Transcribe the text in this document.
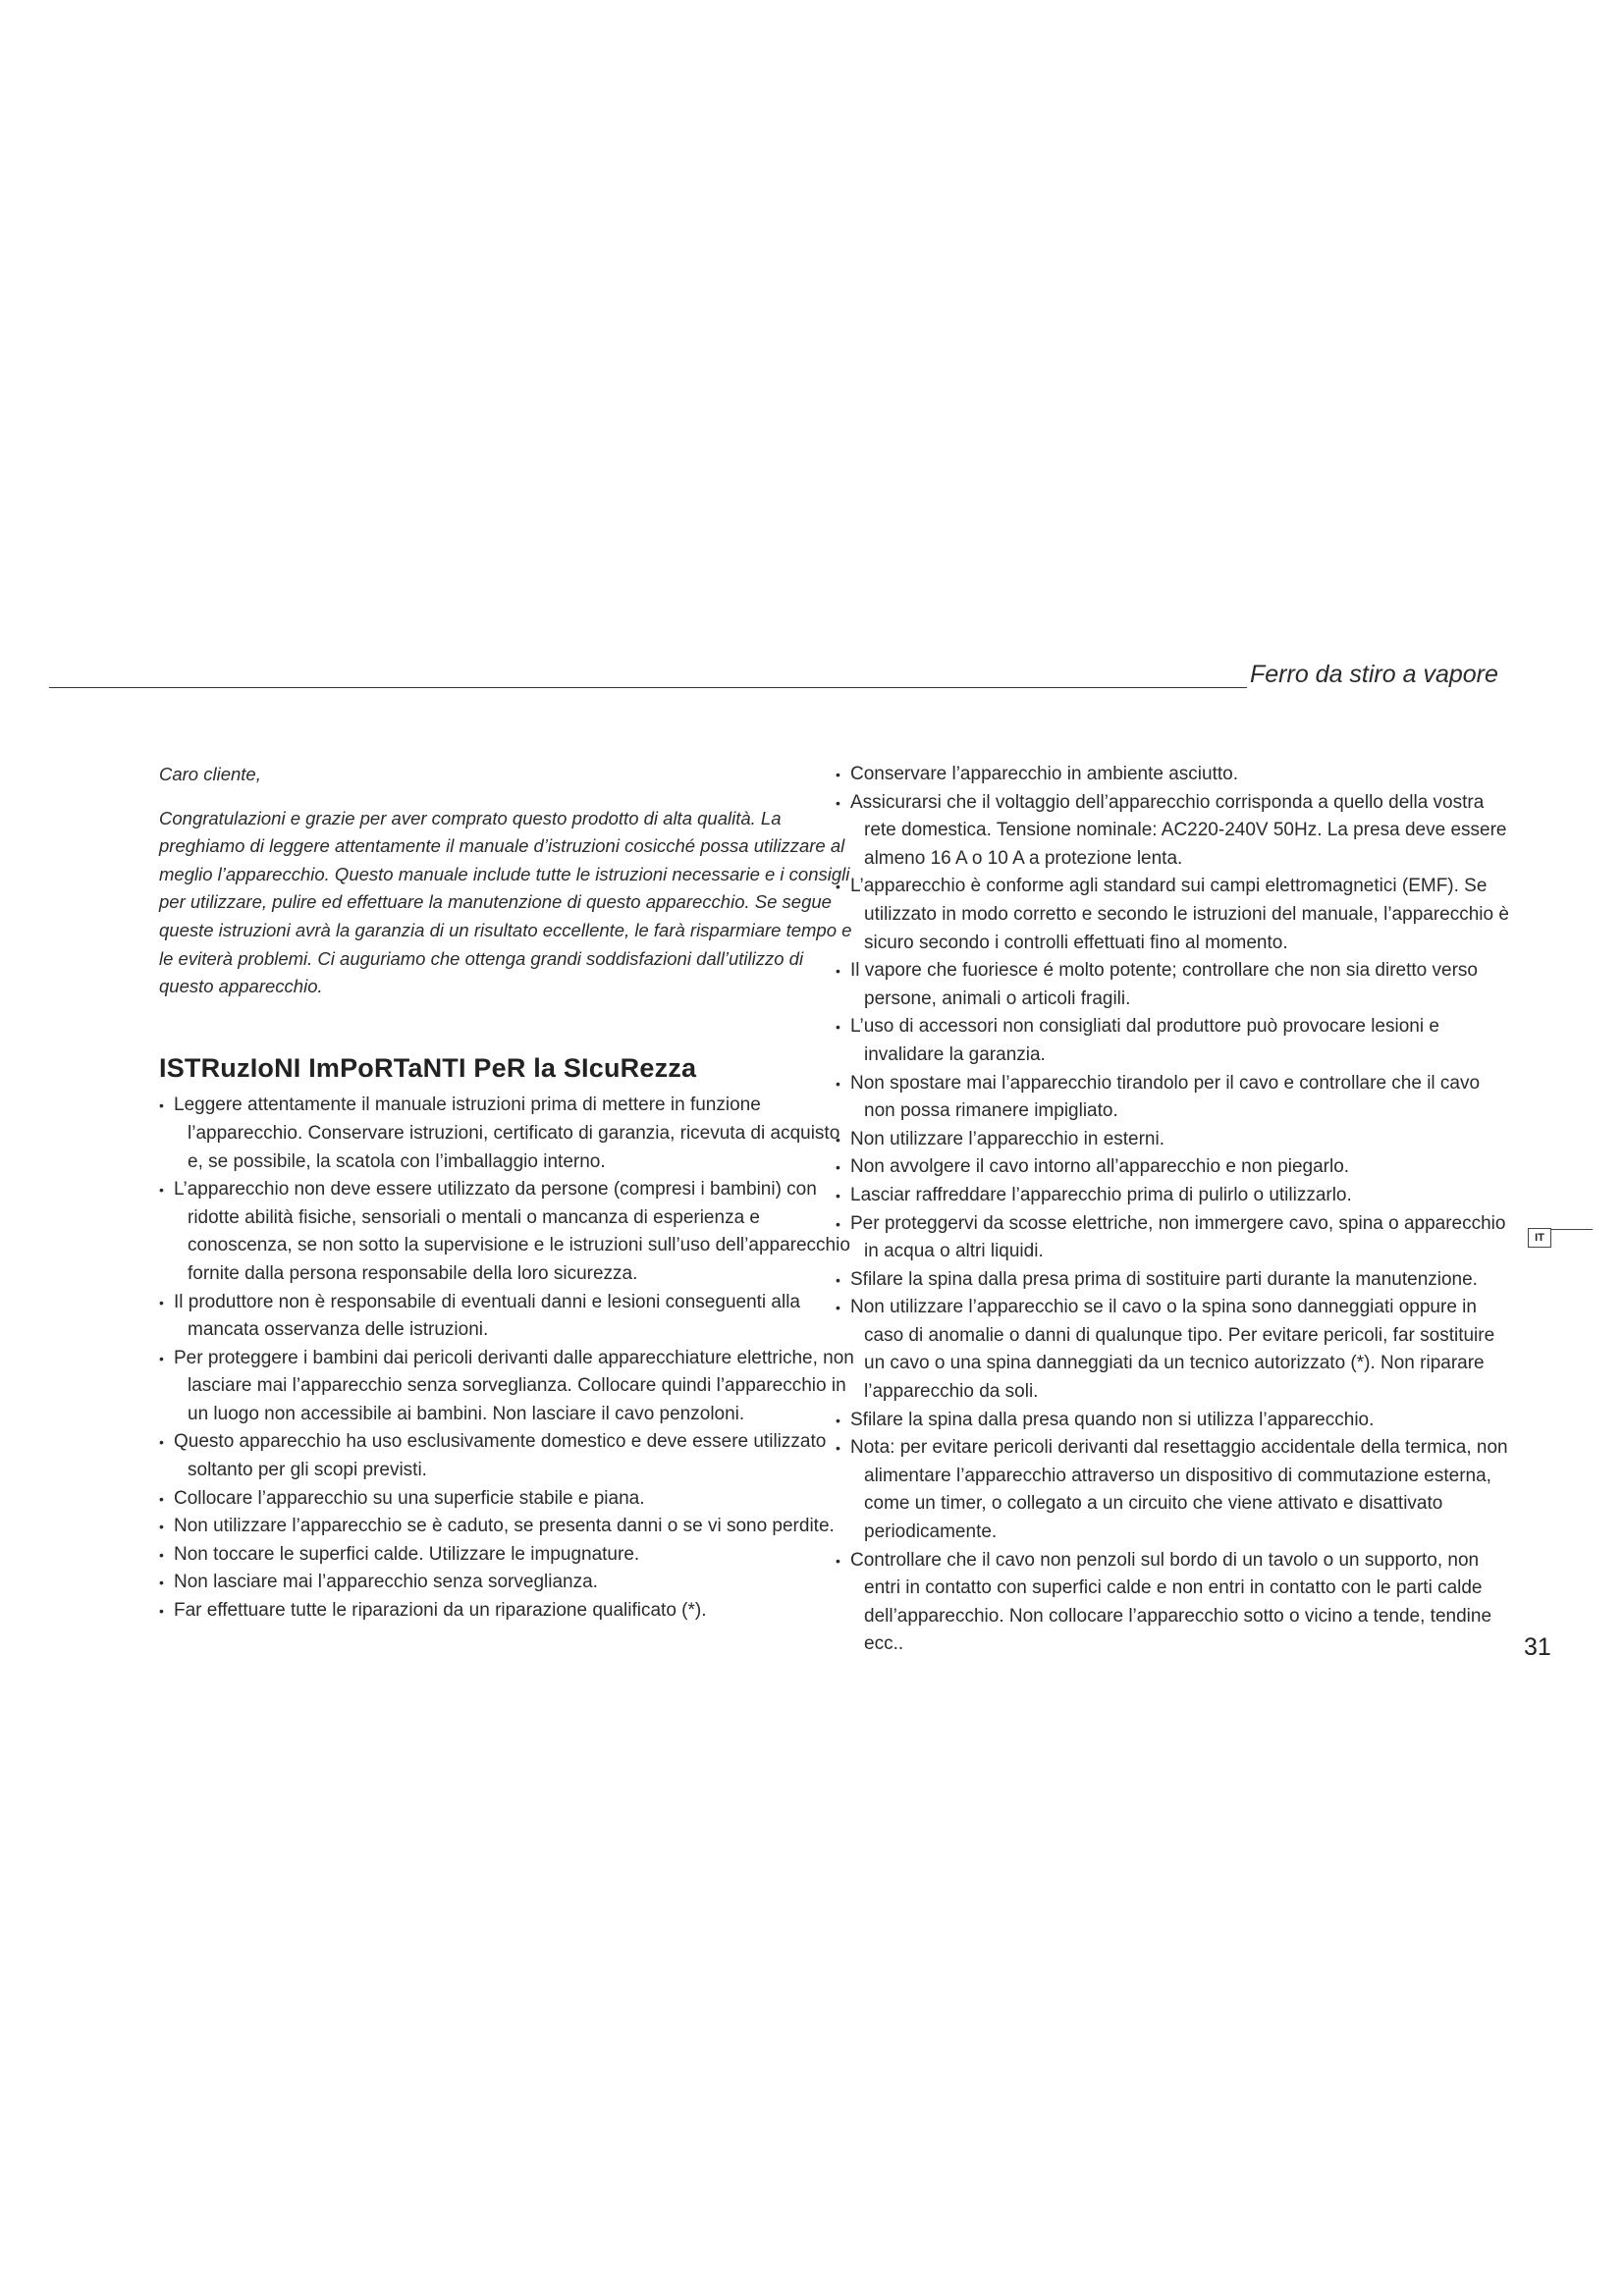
Ferro da stiro a vapore

Caro cliente,

Congratulazioni e grazie per aver comprato questo prodotto di alta qualità. La preghiamo di leggere attentamente il manuale d’istruzioni cosicché possa utilizzare al meglio l’apparecchio. Questo manuale include tutte le istruzioni necessarie e i consigli per utilizzare, pulire ed effettuare la manutenzione di questo apparecchio. Se segue queste istruzioni avrà la garanzia di un risultato eccellente, le farà risparmiare tempo e le eviterà problemi. Ci auguriamo che ottenga grandi soddisfazioni dall’utilizzo di questo apparecchio.

ISTRuzIoNI ImPoRTaNTI PeR la SIcuRezza
• Leggere attentamente il manuale istruzioni prima di mettere in funzione l’apparecchio. Conservare istruzioni, certificato di garanzia, ricevuta di acquisto e, se possibile, la scatola con l’imballaggio interno.
• L’apparecchio non deve essere utilizzato da persone (compresi i bambini) con ridotte abilità fisiche, sensoriali o mentali o mancanza di esperienza e conoscenza, se non sotto la supervisione e le istruzioni sull’uso dell’apparecchio fornite dalla persona responsabile della loro sicurezza.
• Il produttore non è responsabile di eventuali danni e lesioni conseguenti alla mancata osservanza delle istruzioni.
• Per proteggere i bambini dai pericoli derivanti dalle apparecchiature elettriche, non lasciare mai l’apparecchio senza sorveglianza. Collocare quindi l’apparecchio in un luogo non accessibile ai bambini. Non lasciare il cavo penzoloni.
• Questo apparecchio ha uso esclusivamente domestico e deve essere utilizzato soltanto per gli scopi previsti.
• Collocare l’apparecchio su una superficie stabile e piana.
• Non utilizzare l’apparecchio se è caduto, se presenta danni o se vi sono perdite.
• Non toccare le superfici calde. Utilizzare le impugnature.
• Non lasciare mai l’apparecchio senza sorveglianza.
• Far effettuare tutte le riparazioni da un riparazione qualificato (*).
• Conservare l’apparecchio in ambiente asciutto.
• Assicurarsi che il voltaggio dell’apparecchio corrisponda a quello della vostra rete domestica. Tensione nominale: AC220-240V 50Hz. La presa deve essere almeno 16 A o 10 A a protezione lenta.
• L’apparecchio è conforme agli standard sui campi elettromagnetici (EMF). Se utilizzato in modo corretto e secondo le istruzioni del manuale, l’apparecchio è sicuro secondo i controlli effettuati fino al momento.
• Il vapore che fuoriesce é molto potente; controllare che non sia diretto verso persone, animali o articoli fragili.
• L’uso di accessori non consigliati dal produttore può provocare lesioni e invalidare la garanzia.
• Non spostare mai l’apparecchio tirandolo per il cavo e controllare che il cavo non possa rimanere impigliato.
• Non utilizzare l’apparecchio in esterni.
• Non avvolgere il cavo intorno all’apparecchio e non piegarlo.
• Lasciar raffreddare l’apparecchio prima di pulirlo o utilizzarlo.
• Per proteggervi da scosse elettriche, non immergere cavo, spina o apparecchio in acqua o altri liquidi.
• Sfilare la spina dalla presa prima di sostituire parti durante la manutenzione.
• Non utilizzare l’apparecchio se il cavo o la spina sono danneggiati oppure in caso di anomalie o danni di qualunque tipo. Per evitare pericoli, far sostituire un cavo o una spina danneggiati da un tecnico autorizzato (*). Non riparare l’apparecchio da soli.
• Sfilare la spina dalla presa quando non si utilizza l’apparecchio.
• Nota: per evitare pericoli derivanti dal resettaggio accidentale della termica, non alimentare l’apparecchio attraverso un dispositivo di commutazione esterna, come un timer, o collegato a un circuito che viene attivato e disattivato periodicamente.
• Controllare che il cavo non penzoli sul bordo di un tavolo o un supporto, non entri in contatto con superfici calde e non entri in contatto con le parti calde dell’apparecchio. Non collocare l’apparecchio sotto o vicino a tende, tendine ecc..
IT
31
